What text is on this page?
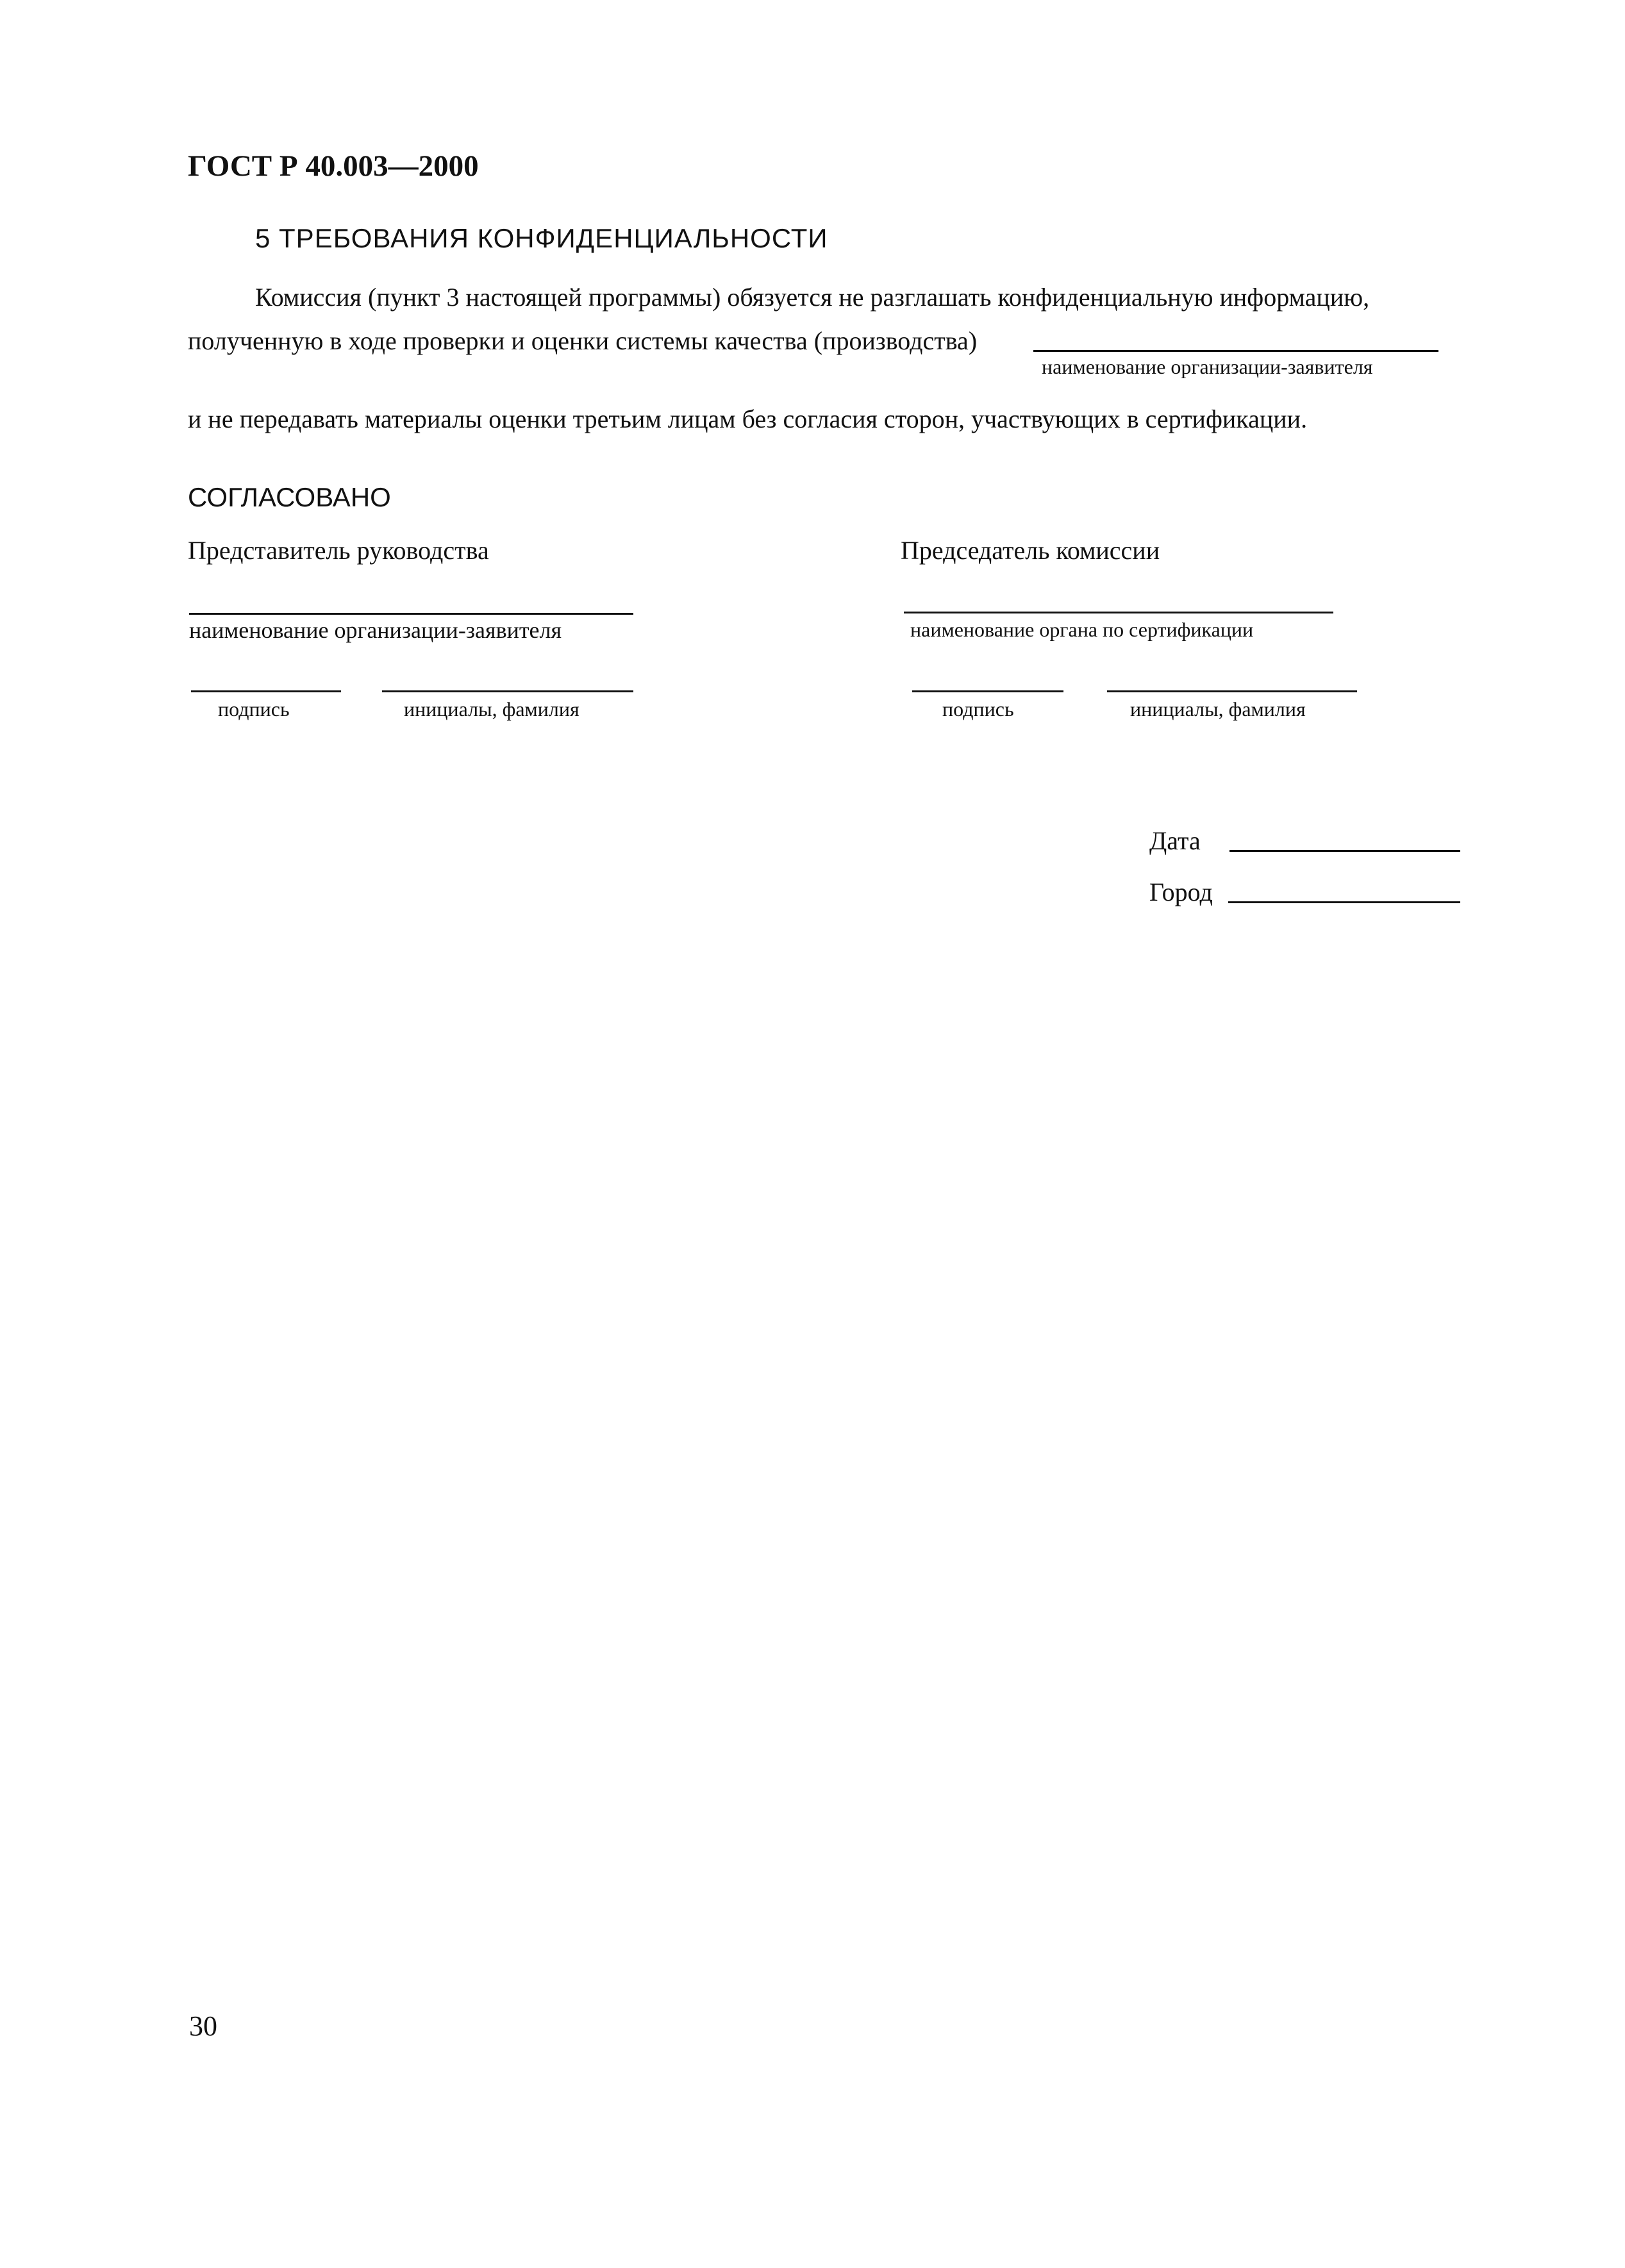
ГОСТ Р 40.003—2000
5 ТРЕБОВАНИЯ КОНФИДЕНЦИАЛЬНОСТИ
Комиссия (пункт 3 настоящей программы) обязуется не разглашать конфиденциальную информацию,
полученную в ходе проверки и оценки системы качества (производства)
наименование организации-заявителя
и не передавать материалы оценки третьим лицам без согласия сторон, участвующих в сертификации.
СОГЛАСОВАНО
Представитель руководства
наименование организации-заявителя
подпись	инициалы, фамилия
Председатель комиссии
наименование органа по сертификации
подпись	инициалы, фамилия
Дата
Город
30
